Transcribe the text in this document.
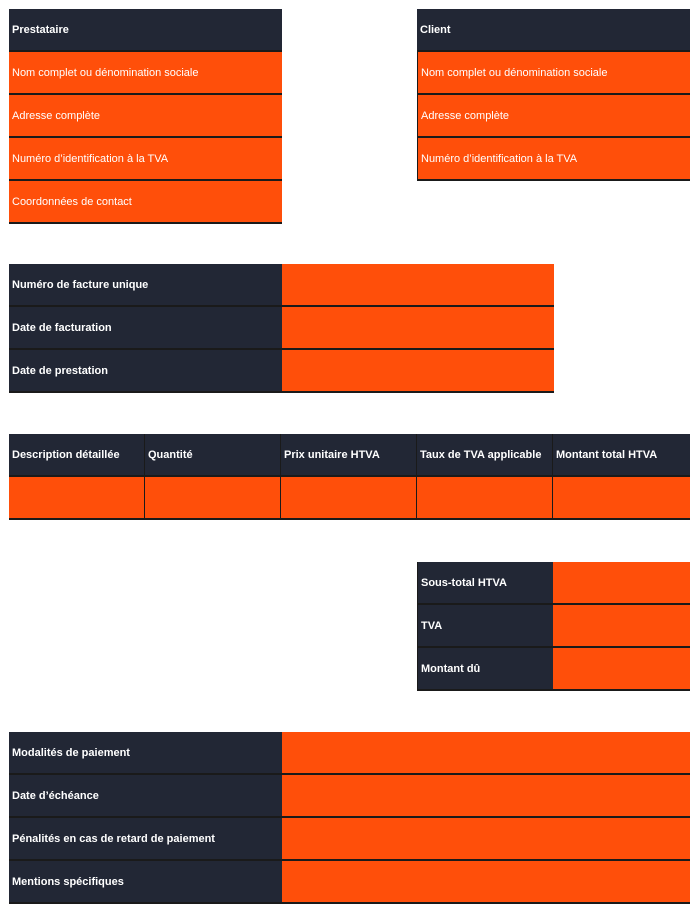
Prestataire
Nom complet ou dénomination sociale
Adresse complète
Numéro d’identification à la TVA
Coordonnées de contact
Client
Nom complet ou dénomination sociale
Adresse complète
Numéro d’identification à la TVA
Numéro de facture unique
Date de facturation
Date de prestation
Description détaillée	Quantité	Prix unitaire HTVA	Taux de TVA applicable	Montant total HTVA
Sous-total HTVA
TVA
Montant dû
Modalités de paiement
Date d’échéance
Pénalités en cas de retard de paiement
Mentions spécifiques
